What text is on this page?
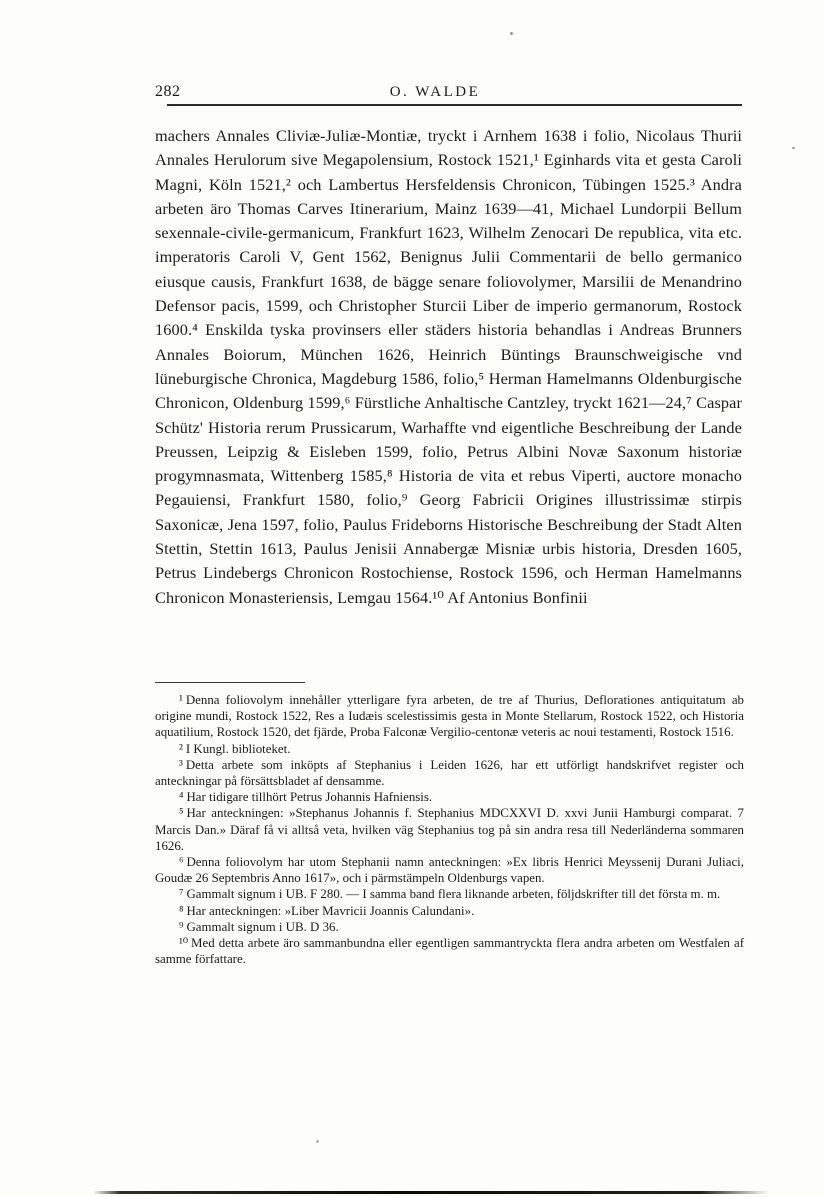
282	O. WALDE
machers Annales Cliviæ-Juliæ-Montiæ, tryckt i Arnhem 1638 i folio, Nicolaus Thurii Annales Herulorum sive Megapolensium, Rostock 1521,¹ Eginhards vita et gesta Caroli Magni, Köln 1521,² och Lambertus Hersfeldensis Chronicon, Tübingen 1525.³ Andra arbeten äro Thomas Carves Itinerarium, Mainz 1639—41, Michael Lundorpii Bellum sexennale-civile-germanicum, Frankfurt 1623, Wilhelm Zenocari De republica, vita etc. imperatoris Caroli V, Gent 1562, Benignus Julii Commentarii de bello germanico eiusque causis, Frankfurt 1638, de bägge senare foliovolymer, Marsilii de Menandrino Defensor pacis, 1599, och Christopher Sturcii Liber de imperio germanorum, Rostock 1600.⁴ Enskilda tyska provinsers eller städers historia behandlas i Andreas Brunners Annales Boiorum, München 1626, Heinrich Büntings Braunschweigische vnd lüneburgische Chronica, Magdeburg 1586, folio,⁵ Herman Hamelmanns Oldenburgische Chronicon, Oldenburg 1599,⁶ Fürstliche Anhaltische Cantzley, tryckt 1621—24,⁷ Caspar Schütz' Historia rerum Prussicarum, Warhaffte vnd eigentliche Beschreibung der Lande Preussen, Leipzig & Eisleben 1599, folio, Petrus Albini Novæ Saxonum historiæ progymnasmata, Wittenberg 1585,⁸ Historia de vita et rebus Viperti, auctore monacho Pegauiensi, Frankfurt 1580, folio,⁹ Georg Fabricii Origines illustrissimæ stirpis Saxonicæ, Jena 1597, folio, Paulus Frideborns Historische Beschreibung der Stadt Alten Stettin, Stettin 1613, Paulus Jenisii Annabergæ Misniæ urbis historia, Dresden 1605, Petrus Lindebergs Chronicon Rostochiense, Rostock 1596, och Herman Hamelmanns Chronicon Monasteriensis, Lemgau 1564.¹⁰ Af Antonius Bonfinii

¹ Denna foliovolym innehåller ytterligare fyra arbeten, de tre af Thurius, Deflorationes antiquitatum ab origine mundi, Rostock 1522, Res a Iudæis scelestissimis gesta in Monte Stellarum, Rostock 1522, och Historia aquatilium, Rostock 1520, det fjärde, Proba Falconæ Vergilio-centonæ veteris ac noui testamenti, Rostock 1516.

² I Kungl. biblioteket.

³ Detta arbete som inköpts af Stephanius i Leiden 1626, har ett utförligt handskrifvet register och anteckningar på försättsbladet af densamme.

⁴ Har tidigare tillhört Petrus Johannis Hafniensis.

⁵ Har anteckningen: »Stephanus Johannis f. Stephanius MDCXXVI D. xxvi Junii Hamburgi comparat. 7 Marcis Dan.» Däraf få vi alltså veta, hvilken väg Stephanius tog på sin andra resa till Nederländerna sommaren 1626.

⁶ Denna foliovolym har utom Stephanii namn anteckningen: »Ex libris Henrici Meyssenij Durani Juliaci, Goudæ 26 Septembris Anno 1617», och i pärmstämpeln Oldenburgs vapen.

⁷ Gammalt signum i UB. F 280. — I samma band flera liknande arbeten, följdskrifter till det första m. m.

⁸ Har anteckningen: »Liber Mavricii Joannis Calundani».

⁹ Gammalt signum i UB. D 36.

¹⁰ Med detta arbete äro sammanbundna eller egentligen sammantryckta flera andra arbeten om Westfalen af samme författare.
